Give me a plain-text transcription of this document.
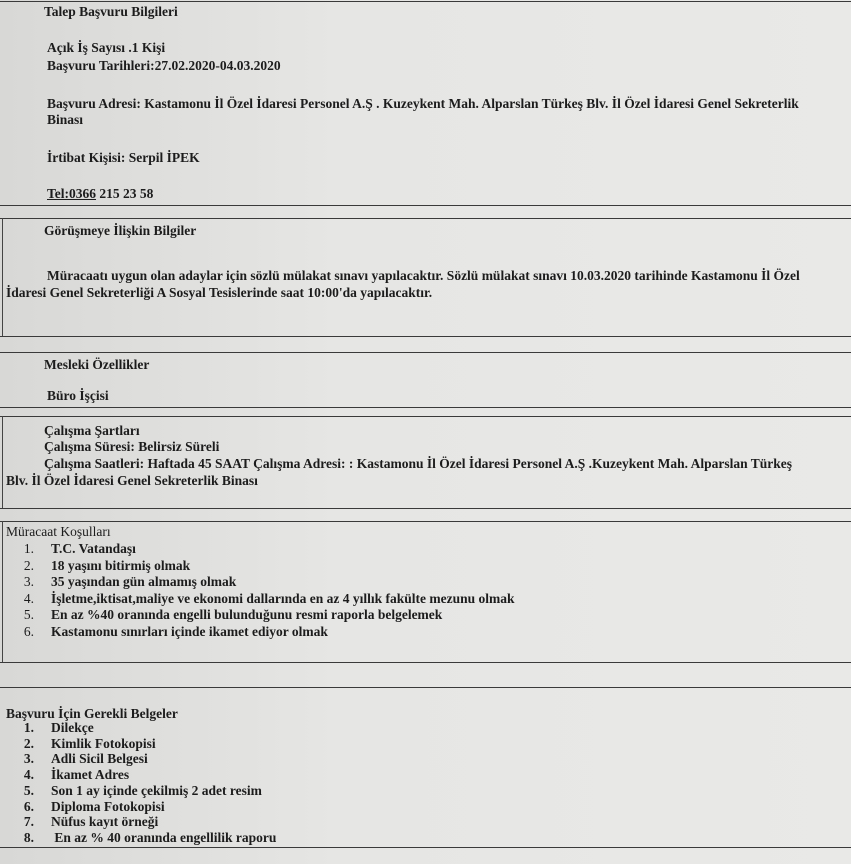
Talep Başvuru Bilgileri
Açık İş Sayısı .1 Kişi
Başvuru Tarihleri:27.02.2020-04.03.2020
Başvuru Adresi: Kastamonu İl Özel İdaresi Personel A.Ş . Kuzeykent Mah. Alparslan Türkeş Blv. İl Özel İdaresi Genel Sekreterlik
Binası
İrtibat Kişisi: Serpil İPEK
Tel:0366 215 23 58
Görüşmeye İlişkin Bilgiler
Müracaatı uygun olan adaylar için sözlü mülakat sınavı yapılacaktır. Sözlü mülakat sınavı 10.03.2020 tarihinde Kastamonu İl Özel
İdaresi Genel Sekreterliği A Sosyal Tesislerinde saat 10:00'da yapılacaktır.
Mesleki Özellikler
Büro İşçisi
Çalışma Şartları
Çalışma Süresi: Belirsiz Süreli
Çalışma Saatleri: Haftada 45 SAAT Çalışma Adresi: : Kastamonu İl Özel İdaresi Personel A.Ş .Kuzeykent Mah. Alparslan Türkeş
Blv. İl Özel İdaresi Genel Sekreterlik Binası
Müracaat Koşulları
1. T.C. Vatandaşı
2. 18 yaşını bitirmiş olmak
3. 35 yaşından gün almamış olmak
4. İşletme,iktisat,maliye ve ekonomi dallarında en az 4 yıllık fakülte mezunu olmak
5. En az %40 oranında engelli bulunduğunu resmi raporla belgelemek
6. Kastamonu sınırları içinde ikamet ediyor olmak
Başvuru İçin Gerekli Belgeler
1. Dilekçe
2. Kimlik Fotokopisi
3. Adli Sicil Belgesi
4. İkamet Adres
5. Son 1 ay içinde çekilmiş 2 adet resim
6. Diploma Fotokopisi
7. Nüfus kayıt örneği
8. En az % 40 oranında engellilik raporu
